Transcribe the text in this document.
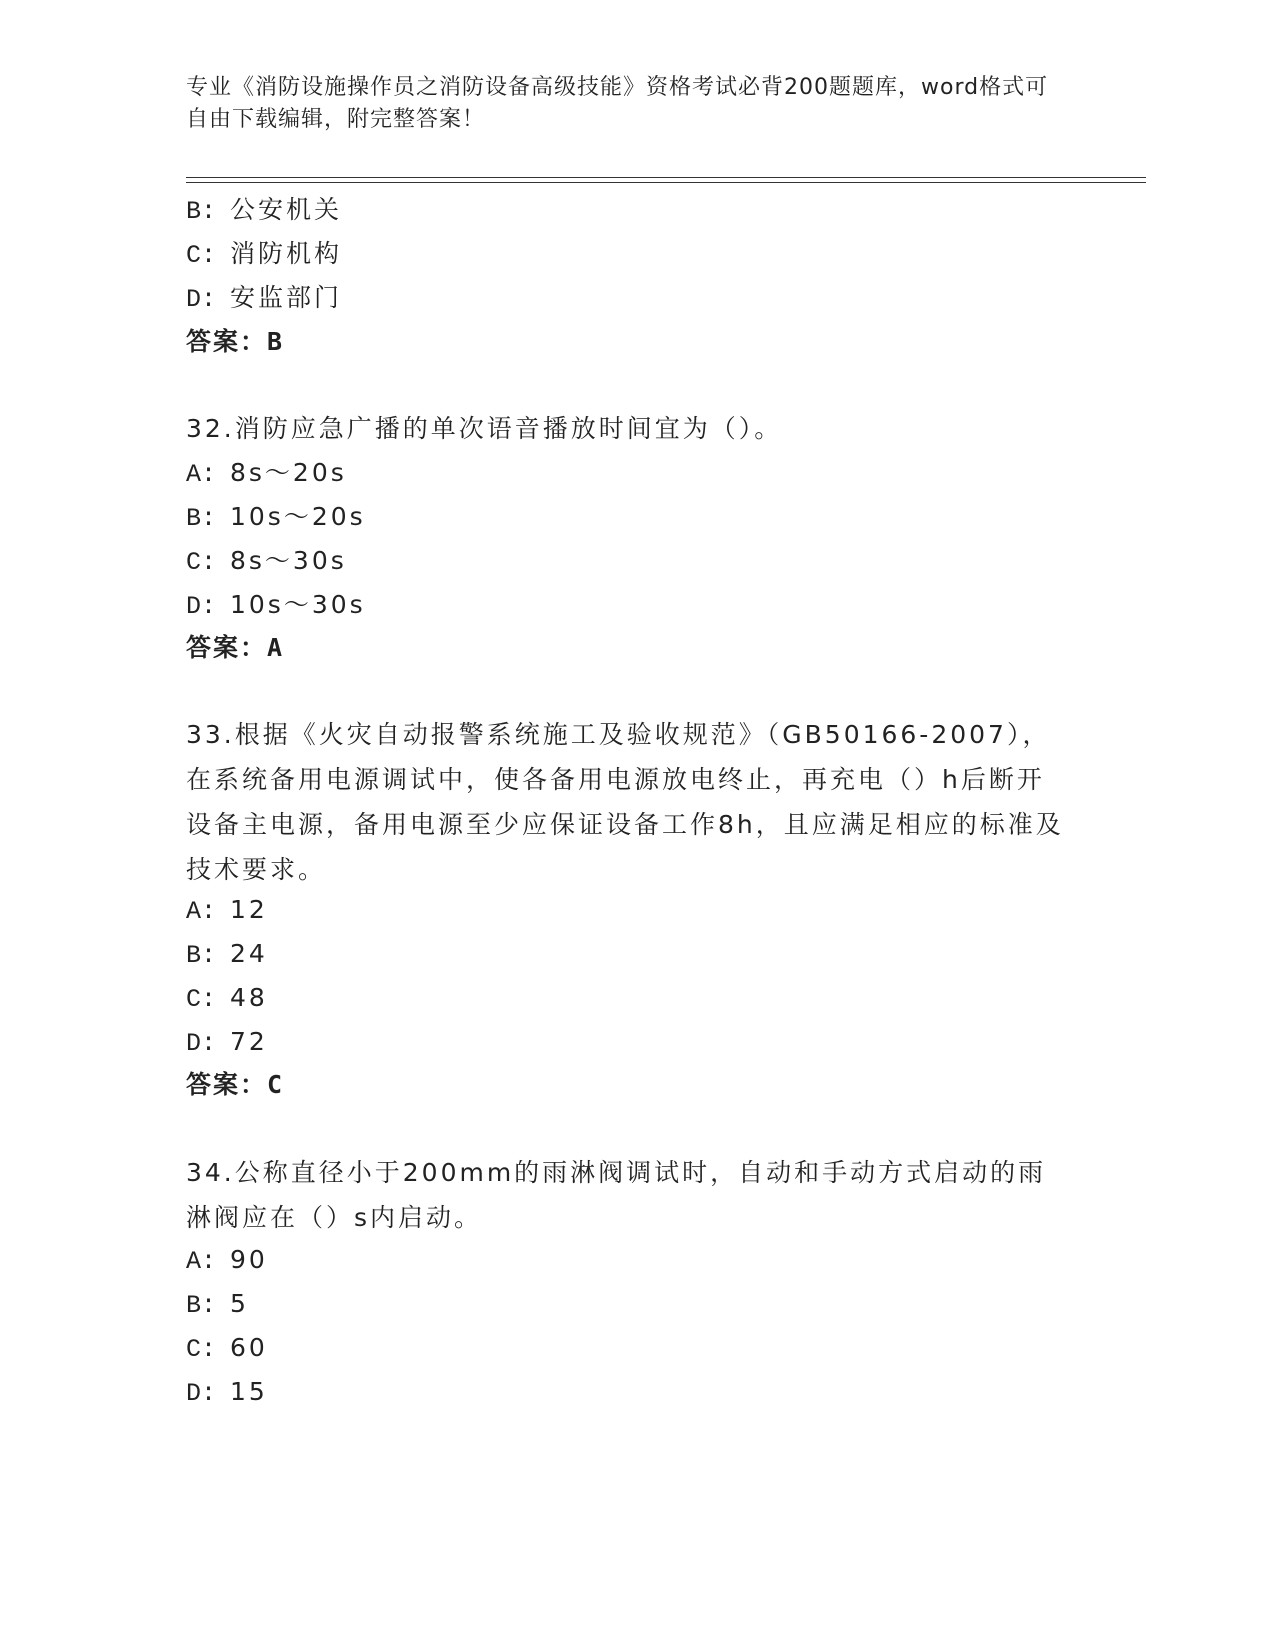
专业《消防设施操作员之消防设备高级技能》资格考试必背200题题库，word格式可自由下载编辑，附完整答案！
B: 公安机关
C: 消防机构
D: 安监部门
答案：B
32.消防应急广播的单次语音播放时间宜为（）。
A: 8s～20s
B: 10s～20s
C: 8s～30s
D: 10s～30s
答案：A
33.根据《火灾自动报警系统施工及验收规范》（GB50166-2007），在系统备用电源调试中，使各备用电源放电终止，再充电（）h后断开设备主电源，备用电源至少应保证设备工作8h，且应满足相应的标准及技术要求。
A: 12
B: 24
C: 48
D: 72
答案：C
34.公称直径小于200mm的雨淋阀调试时，自动和手动方式启动的雨淋阀应在（）s内启动。
A: 90
B: 5
C: 60
D: 15
